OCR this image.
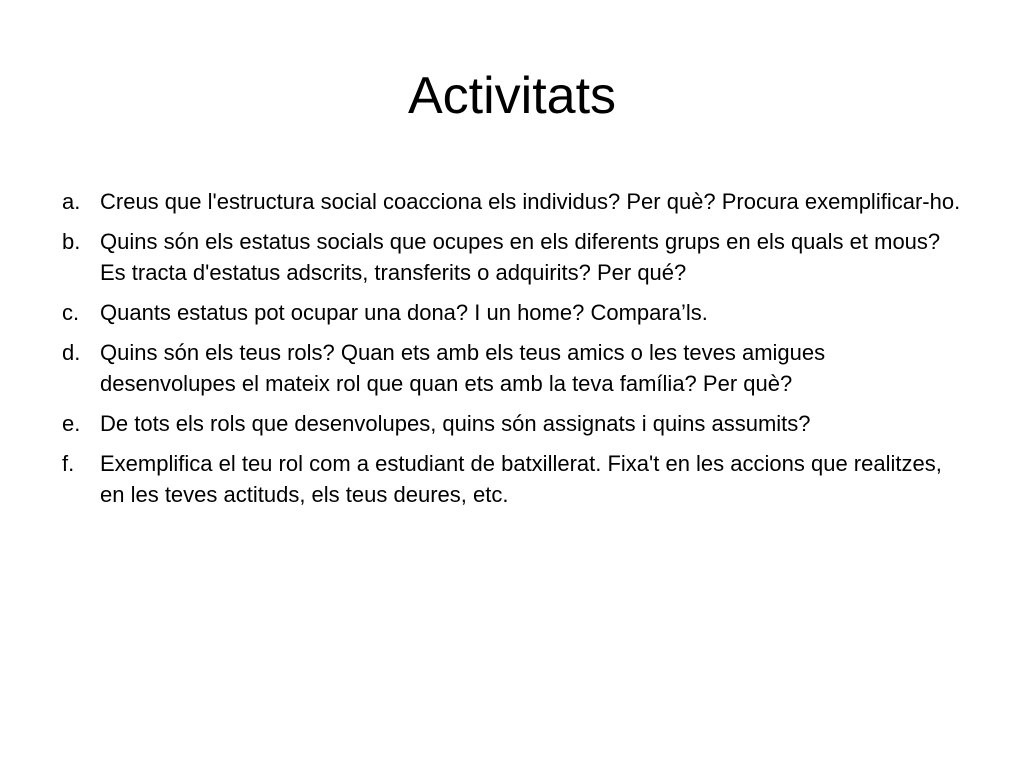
Activitats
a. Creus que l'estructura social coacciona els individus? Per què? Procura exemplificar-ho.
b. Quins són els estatus socials que ocupes en els diferents grups en els quals et mous? Es tracta d'estatus adscrits, transferits o adquirits? Per qué?
c. Quants estatus pot ocupar una dona? I un home? Compara’ls.
d. Quins són els teus rols? Quan ets amb els teus amics o les teves amigues desenvolupes el mateix rol que quan ets amb la teva família? Per què?
e. De tots els rols que desenvolupes, quins són assignats i quins assumits?
f.	Exemplifica el teu rol com a estudiant de batxillerat. Fixa't en les accions que realitzes, en les teves actituds, els teus deures, etc.
